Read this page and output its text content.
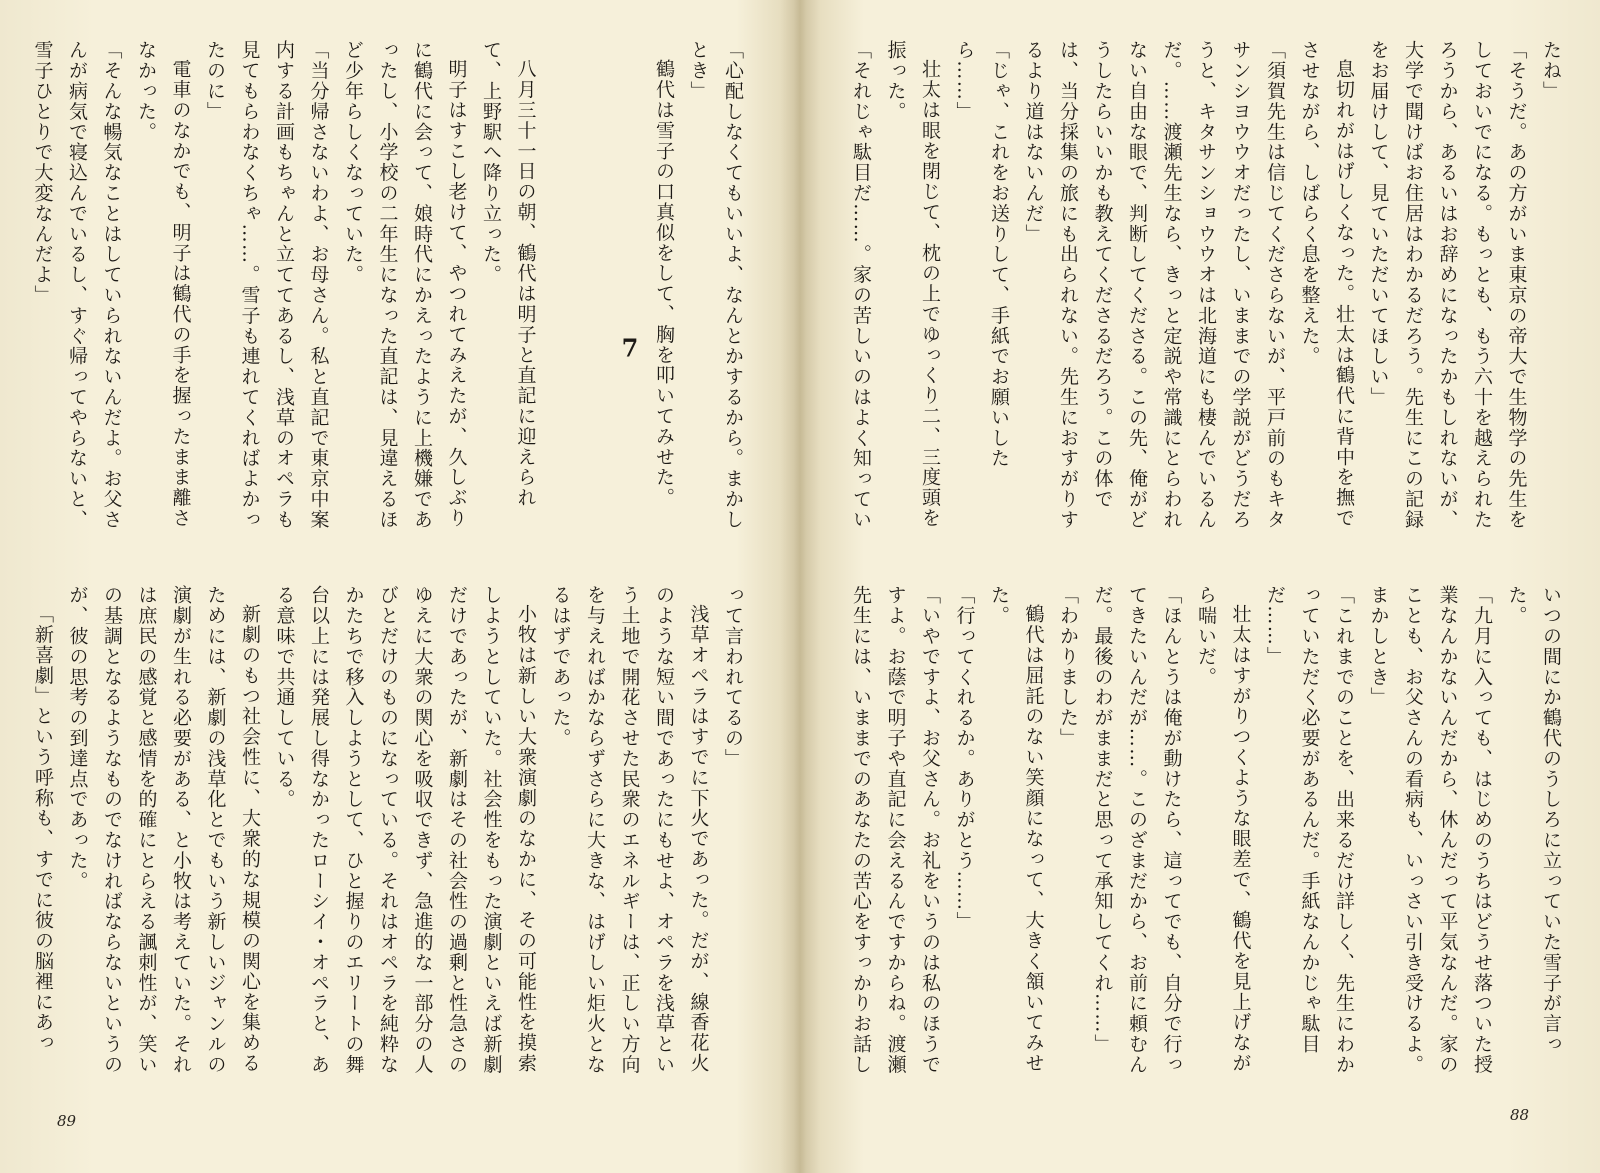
たね」

「そうだ。あの方がいま東京の帝大で生物学の先生をしておいでになる。もっとも、もう六十を越えられたろうから、あるいはお辞めになったかもしれないが、大学で聞けばお住居はわかるだろう。先生にこの記録をお届けして、見ていただいてほしい」

息切れがはげしくなった。壮太は鶴代に背中を撫でさせながら、しばらく息を整えた。

「須賀先生は信じてくださらないが、平戸前のもキタサンシヨウウオだったし、いままでの学説がどうだろうと、キタサンショウウオは北海道にも棲んでいるんだ。……渡瀬先生なら、きっと定説や常識にとらわれない自由な眼で、判断してくださる。この先、俺がどうしたらいいかも教えてくださるだろう。この体では、当分採集の旅にも出られない。先生におすがりするより道はないんだ」

「じゃ、これをお送りして、手紙でお願いしたら……」

壮太は眼を閉じて、枕の上でゆっくり二、三度頭を振った。

「それじゃ駄目だ……。家の苦しいのはよく知ってい

いつの間にか鶴代のうしろに立っていた雪子が言った。

「九月に入っても、はじめのうちはどうせ落ついた授業なんかないんだから、休んだって平気なんだ。家のことも、お父さんの看病も、いっさい引き受けるよ。まかしとき」

「これまでのことを、出来るだけ詳しく、先生にわかっていただく必要があるんだ。手紙なんかじゃ駄目だ……」

壮太はすがりつくような眼差で、鶴代を見上げながら喘いだ。

「ほんとうは俺が動けたら、這ってでも、自分で行ってきたいんだが……。このざまだから、お前に頼むんだ。最後のわがままだと思って承知してくれ……」

「わかりました」

鶴代は屈託のない笑顔になって、大きく頷いてみせた。

「行ってくれるか。ありがとう……」

「いやですよ、お父さん。お礼をいうのは私のほうですよ。お蔭で明子や直記に会えるんですからね。渡瀬先生には、いままでのあなたの苦心をすっかりお話し

「心配しなくてもいいよ、なんとかするから。まかしとき」

鶴代は雪子の口真似をして、胸を叩いてみせた。

7

八月三十一日の朝、鶴代は明子と直記に迎えられて、上野駅へ降り立った。

明子はすこし老けて、やつれてみえたが、久しぶりに鶴代に会って、娘時代にかえったように上機嫌であったし、小学校の二年生になった直記は、見違えるほど少年らしくなっていた。

「当分帰さないわよ、お母さん。私と直記で東京中案内する計画もちゃんと立ててあるし、浅草のオペラも見てもらわなくちゃ……。雪子も連れてくればよかったのに」

電車のなかでも、明子は鶴代の手を握ったまま離さなかった。

「そんな暢気なことはしていられないんだよ。お父さんが病気で寝込んでいるし、すぐ帰ってやらないと、雪子ひとりで大変なんだよ」

って言われてるの」

浅草オペラはすでに下火であった。だが、線香花火のような短い間であったにもせよ、オペラを浅草という土地で開花させた民衆のエネルギーは、正しい方向を与えればかならずさらに大きな、はげしい炬火となるはずであった。

小牧は新しい大衆演劇のなかに、その可能性を摸索しようとしていた。社会性をもった演劇といえば新劇だけであったが、新劇はその社会性の過剰と性急さのゆえに大衆の関心を吸収できず、急進的な一部分の人びとだけのものになっている。それはオペラを純粋なかたちで移入しようとして、ひと握りのエリートの舞台以上には発展し得なかったローシイ・オペラと、ある意味で共通している。

新劇のもつ社会性に、大衆的な規模の関心を集めるためには、新劇の浅草化とでもいう新しいジャンルの演劇が生れる必要がある、と小牧は考えていた。それは庶民の感覚と感情を的確にとらえる諷刺性が、笑いの基調となるようなものでなければならないというのが、彼の思考の到達点であった。

「新喜劇」という呼称も、すでに彼の脳裡にあっ

89	88
